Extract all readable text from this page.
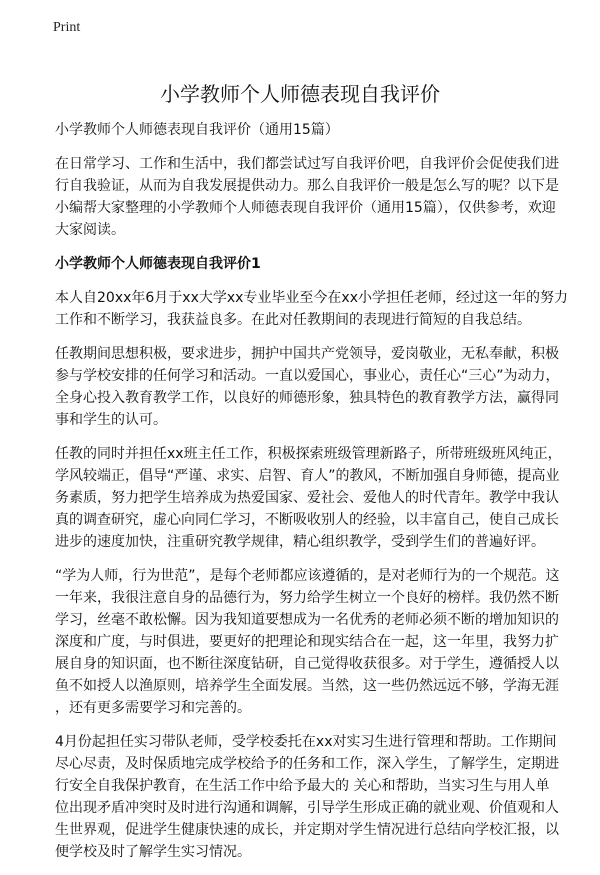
Print
小学教师个人师德表现自我评价
小学教师个人师德表现自我评价（通用15篇）
在日常学习、工作和生活中，我们都尝试过写自我评价吧，自我评价会促使我们进
行自我验证，从而为自我发展提供动力。那么自我评价一般是怎么写的呢？以下是
小编帮大家整理的小学教师个人师德表现自我评价（通用15篇），仅供参考，欢迎
大家阅读。
小学教师个人师德表现自我评价1
本人自20xx年6月于xx大学xx专业毕业至今在xx小学担任老师，经过这一年的努力
工作和不断学习，我获益良多。在此对任教期间的表现进行简短的自我总结。
任教期间思想积极，要求进步，拥护中国共产党领导，爱岗敬业，无私奉献，积极
参与学校安排的任何学习和活动。一直以爱国心，事业心，责任心“三心”为动力，
全身心投入教育教学工作，以良好的师德形象，独具特色的教育教学方法，赢得同
事和学生的认可。
任教的同时并担任xx班主任工作，积极探索班级管理新路子，所带班级班风纯正，
学风较端正，倡导“严谨、求实、启智、育人”的教风，不断加强自身师德，提高业
务素质，努力把学生培养成为热爱国家、爱社会、爱他人的时代青年。教学中我认
真的调查研究，虚心向同仁学习，不断吸收别人的经验，以丰富自己，使自己成长
进步的速度加快，注重研究教学规律，精心组织教学，受到学生们的普遍好评。
“学为人师，行为世范”，是每个老师都应该遵循的，是对老师行为的一个规范。这
一年来，我很注意自身的品德行为，努力给学生树立一个良好的榜样。我仍然不断
学习，丝毫不敢松懈。因为我知道要想成为一名优秀的老师必须不断的增加知识的
深度和广度，与时俱进，要更好的把理论和现实结合在一起，这一年里，我努力扩
展自身的知识面，也不断往深度钻研，自己觉得收获很多。对于学生，遵循授人以
鱼不如授人以渔原则，培养学生全面发展。当然，这一些仍然远远不够，学海无涯
，还有更多需要学习和完善的。
4月份起担任实习带队老师，受学校委托在xx对实习生进行管理和帮助。工作期间
尽心尽责，及时保质地完成学校给予的任务和工作，深入学生，了解学生，定期进
行安全自我保护教育，在生活工作中给予最大的 关心和帮助，当实习生与用人单
位出现矛盾冲突时及时进行沟通和调解，引导学生形成正确的就业观、价值观和人
生世界观，促进学生健康快速的成长，并定期对学生情况进行总结向学校汇报，以
便学校及时了解学生实习情况。
